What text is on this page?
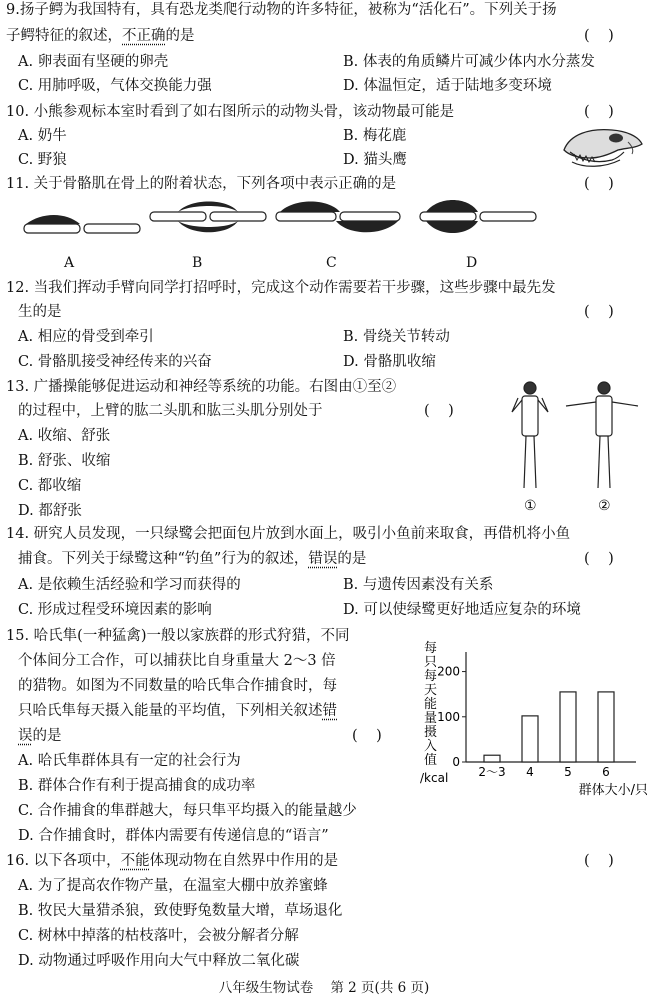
9.扬子鳄为我国特有，具有恐龙类爬行动物的许多特征，被称为“活化石”。下列关于扬
子鳄特征的叙述，不正确的是	(    )
A. 卵表面有坚硬的卵壳	B. 体表的角质鳞片可减少体内水分蒸发
C. 用肺呼吸，气体交换能力强	D. 体温恒定，适于陆地多变环境
10. 小熊参观标本室时看到了如右图所示的动物头骨，该动物最可能是	(    )
A. 奶牛	B. 梅花鹿
C. 野狼	D. 猫头鹰
11. 关于骨骼肌在骨上的附着状态，下列各项中表示正确的是	(    )
A	B	C	D
12. 当我们挥动手臂向同学打招呼时，完成这个动作需要若干步骤，这些步骤中最先发
生的是	(    )
A. 相应的骨受到牵引	B. 骨绕关节转动
C. 骨骼肌接受神经传来的兴奋	D. 骨骼肌收缩
13. 广播操能够促进运动和神经等系统的功能。右图由①至②
的过程中，上臂的肱二头肌和肱三头肌分别处于	(    )
A. 收缩、舒张
B. 舒张、收缩
C. 都收缩
D. 都舒张	①	②
14. 研究人员发现，一只绿鹭会把面包片放到水面上，吸引小鱼前来取食，再借机将小鱼
捕食。下列关于绿鹭这种“钓鱼”行为的叙述，错误的是	(    )
A. 是依赖生活经验和学习而获得的	B. 与遗传因素没有关系
C. 形成过程受环境因素的影响	D. 可以使绿鹭更好地适应复杂的环境
15. 哈氏隼(一种猛禽)一般以家族群的形式狩猎，不同
个体间分工合作，可以捕获比自身重量大 2～3 倍
的猎物。如图为不同数量的哈氏隼合作捕食时，每
只哈氏隼每天摄入能量的平均值，下列相关叙述错
误的是	(    )
A. 哈氏隼群体具有一定的社会行为
B. 群体合作有利于提高捕食的成功率
C. 合作捕食的隼群越大，每只隼平均摄入的能量越少
D. 合作捕食时，群体内需要有传递信息的“语言”
每
只
每
天
能
量
摄
入
值
/kcal
0
100
200
2～3 4	5	6
群体大小/只
16. 以下各项中，不能体现动物在自然界中作用的是	(    )
A. 为了提高农作物产量，在温室大棚中放养蜜蜂
B. 牧民大量猎杀狼，致使野兔数量大增，草场退化
C. 树林中掉落的枯枝落叶，会被分解者分解
D. 动物通过呼吸作用向大气中释放二氧化碳
八年级生物试卷    第 2 页(共 6 页)
